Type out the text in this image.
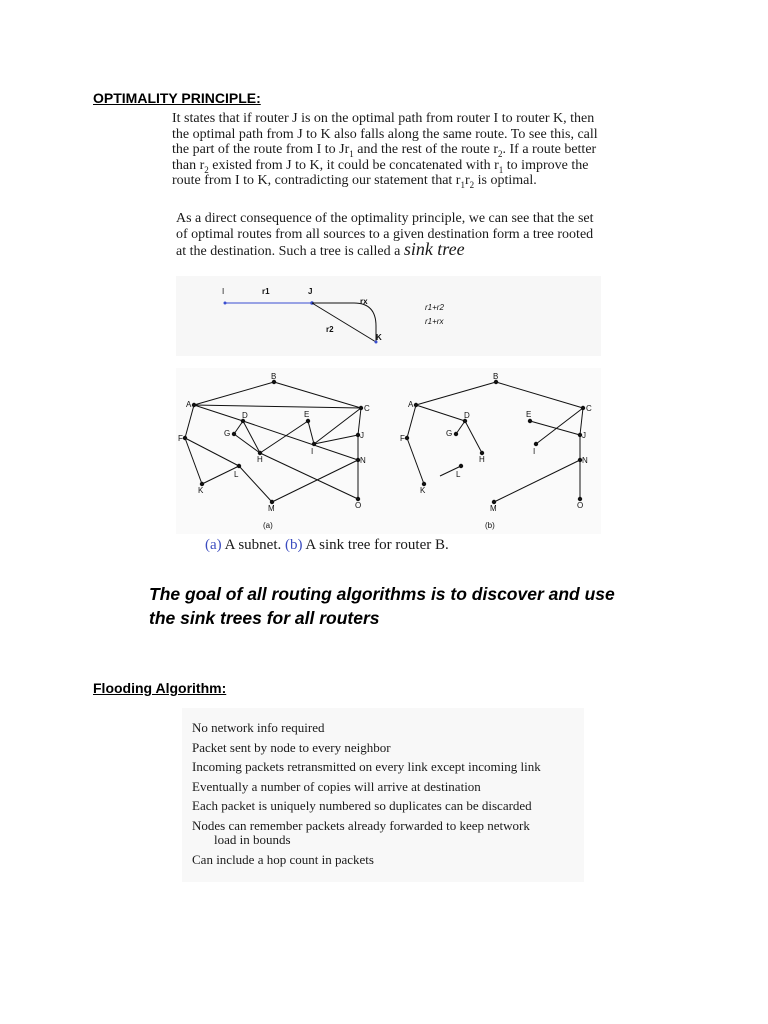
OPTIMALITY PRINCIPLE:

It states that if router J is on the optimal path from router I to router K, then the optimal path from J to K also falls along the same route. To see this, call the part of the route from I to $Jr_1$ and the rest of the route $r_2$. If a route better than $r_2$ existed from J to K, it could be concatenated with $r_1$ to improve the route from I to K, contradicting our statement that $r_1r_2$ is optimal.

As a direct consequence of the optimality principle, we can see that the set of optimal routes from all sources to a given destination form a tree rooted at the destination. Such a tree is called a sink tree

I	r1	J
rx
r2
K
r1+r2
r1+rx
A
B
C
D	E
F
G
H
I
J
K
L
M
N
O
(a)
A
B
C
D	E
F
G
H
I
J
K
L
M
N
O
(b)
(a) A subnet. (b) A sink tree for router B.
The goal of all routing algorithms is to discover and use the sink trees for all routers
Flooding Algorithm:
No network info required
Packet sent by node to every neighbor
Incoming packets retransmitted on every link except incoming link
Eventually a number of copies will arrive at destination
Each packet is uniquely numbered so duplicates can be discarded
Nodes can remember packets already forwarded to keep network
load in bounds
Can include a hop count in packets
